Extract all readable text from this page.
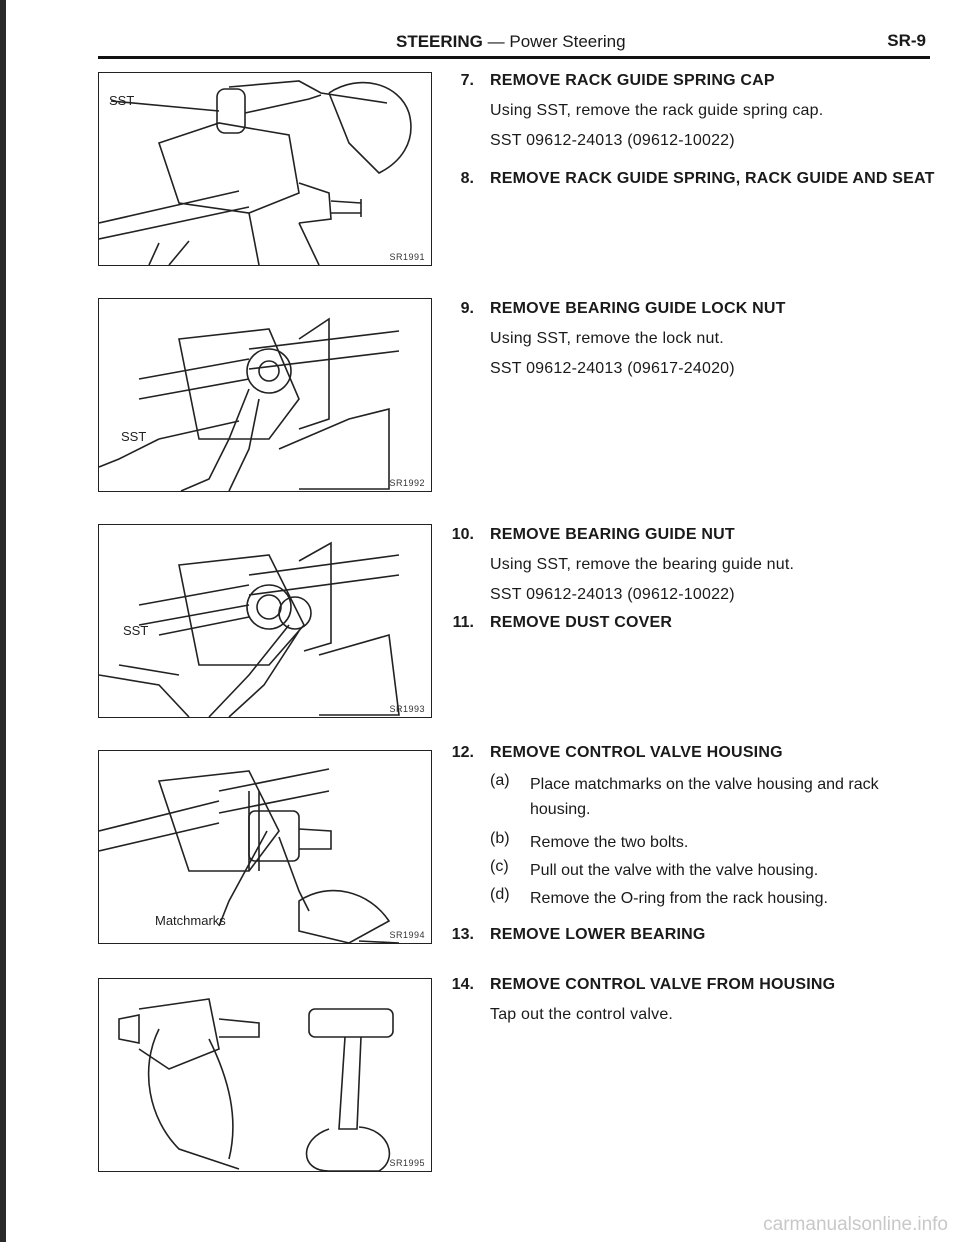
STEERING — Power Steering	SR-9
SST
SR1991
SST
SR1992
SST
SR1993
Matchmarks
SR1994
SR1995
7. REMOVE RACK GUIDE SPRING CAP
Using SST, remove the rack guide spring cap.
SST 09612-24013 (09612-10022)
8. REMOVE RACK GUIDE SPRING, RACK GUIDE AND SEAT
9. REMOVE BEARING GUIDE LOCK NUT
Using SST, remove the lock nut.
SST 09612-24013 (09617-24020)
10. REMOVE BEARING GUIDE NUT
Using SST, remove the bearing guide nut.
SST 09612-24013 (09612-10022)
11. REMOVE DUST COVER
12. REMOVE CONTROL VALVE HOUSING
(a) Place matchmarks on the valve housing and rack housing.
(b) Remove the two bolts.
(c) Pull out the valve with the valve housing.
(d) Remove the O-ring from the rack housing.
13. REMOVE LOWER BEARING
14. REMOVE CONTROL VALVE FROM HOUSING
Tap out the control valve.
carmanualsonline.info
